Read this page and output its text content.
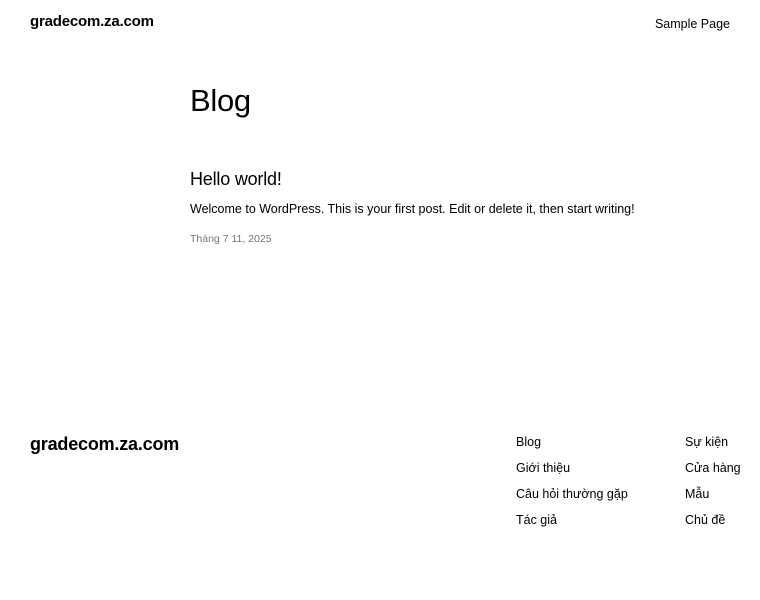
gradecom.za.com	Sample Page
Blog
Hello world!

Welcome to WordPress. This is your first post. Edit or delete it, then start writing!

Tháng 7 11, 2025
gradecom.za.com	Blog
Giới thiệu
Câu hỏi thường gặp
Tác giả
Sự kiện
Cửa hàng
Mẫu
Chủ đề
